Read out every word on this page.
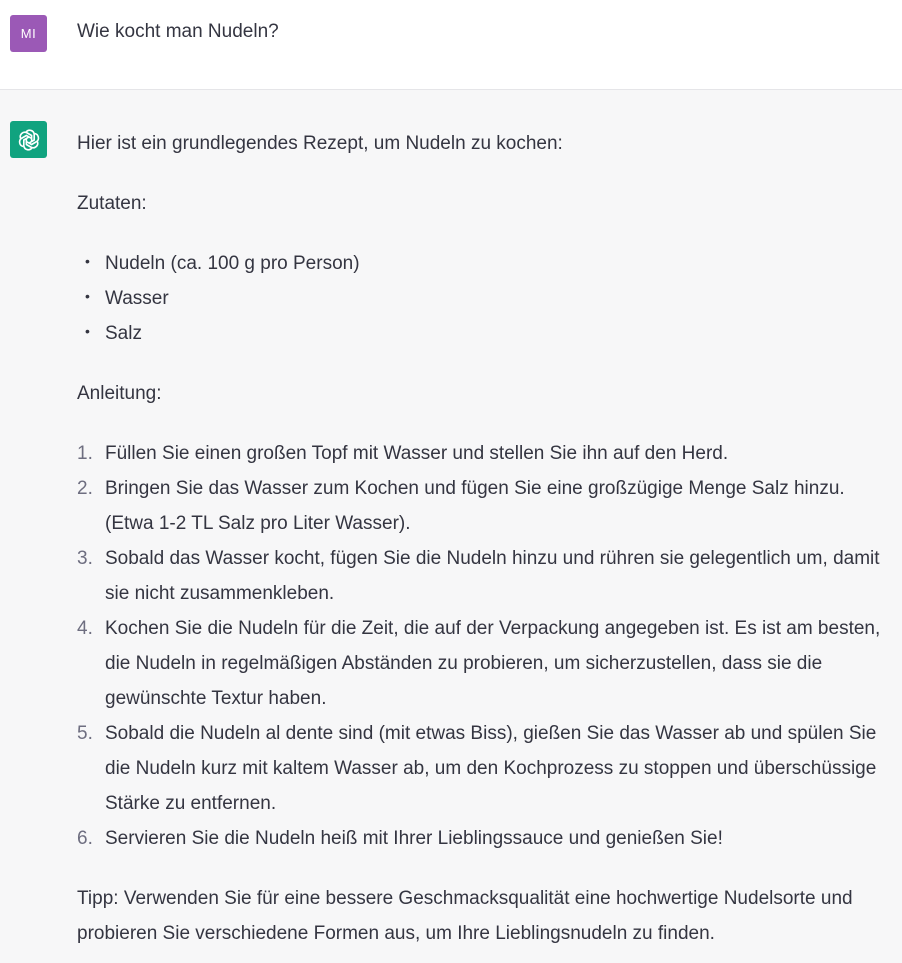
MI	Wie kocht man Nudeln?

Hier ist ein grundlegendes Rezept, um Nudeln zu kochen:

Zutaten:

• Nudeln (ca. 100 g pro Person)
• Wasser
• Salz

Anleitung:

1. Füllen Sie einen großen Topf mit Wasser und stellen Sie ihn auf den Herd.
2. Bringen Sie das Wasser zum Kochen und fügen Sie eine großzügige Menge Salz hinzu. (Etwa 1-2 TL Salz pro Liter Wasser).
3. Sobald das Wasser kocht, fügen Sie die Nudeln hinzu und rühren sie gelegentlich um, damit sie nicht zusammenkleben.
4. Kochen Sie die Nudeln für die Zeit, die auf der Verpackung angegeben ist. Es ist am besten, die Nudeln in regelmäßigen Abständen zu probieren, um sicherzustellen, dass sie die gewünschte Textur haben.
5. Sobald die Nudeln al dente sind (mit etwas Biss), gießen Sie das Wasser ab und spülen Sie die Nudeln kurz mit kaltem Wasser ab, um den Kochprozess zu stoppen und überschüssige Stärke zu entfernen.
6. Servieren Sie die Nudeln heiß mit Ihrer Lieblingssauce und genießen Sie!

Tipp: Verwenden Sie für eine bessere Geschmacksqualität eine hochwertige Nudelsorte und probieren Sie verschiedene Formen aus, um Ihre Lieblingsnudeln zu finden.
